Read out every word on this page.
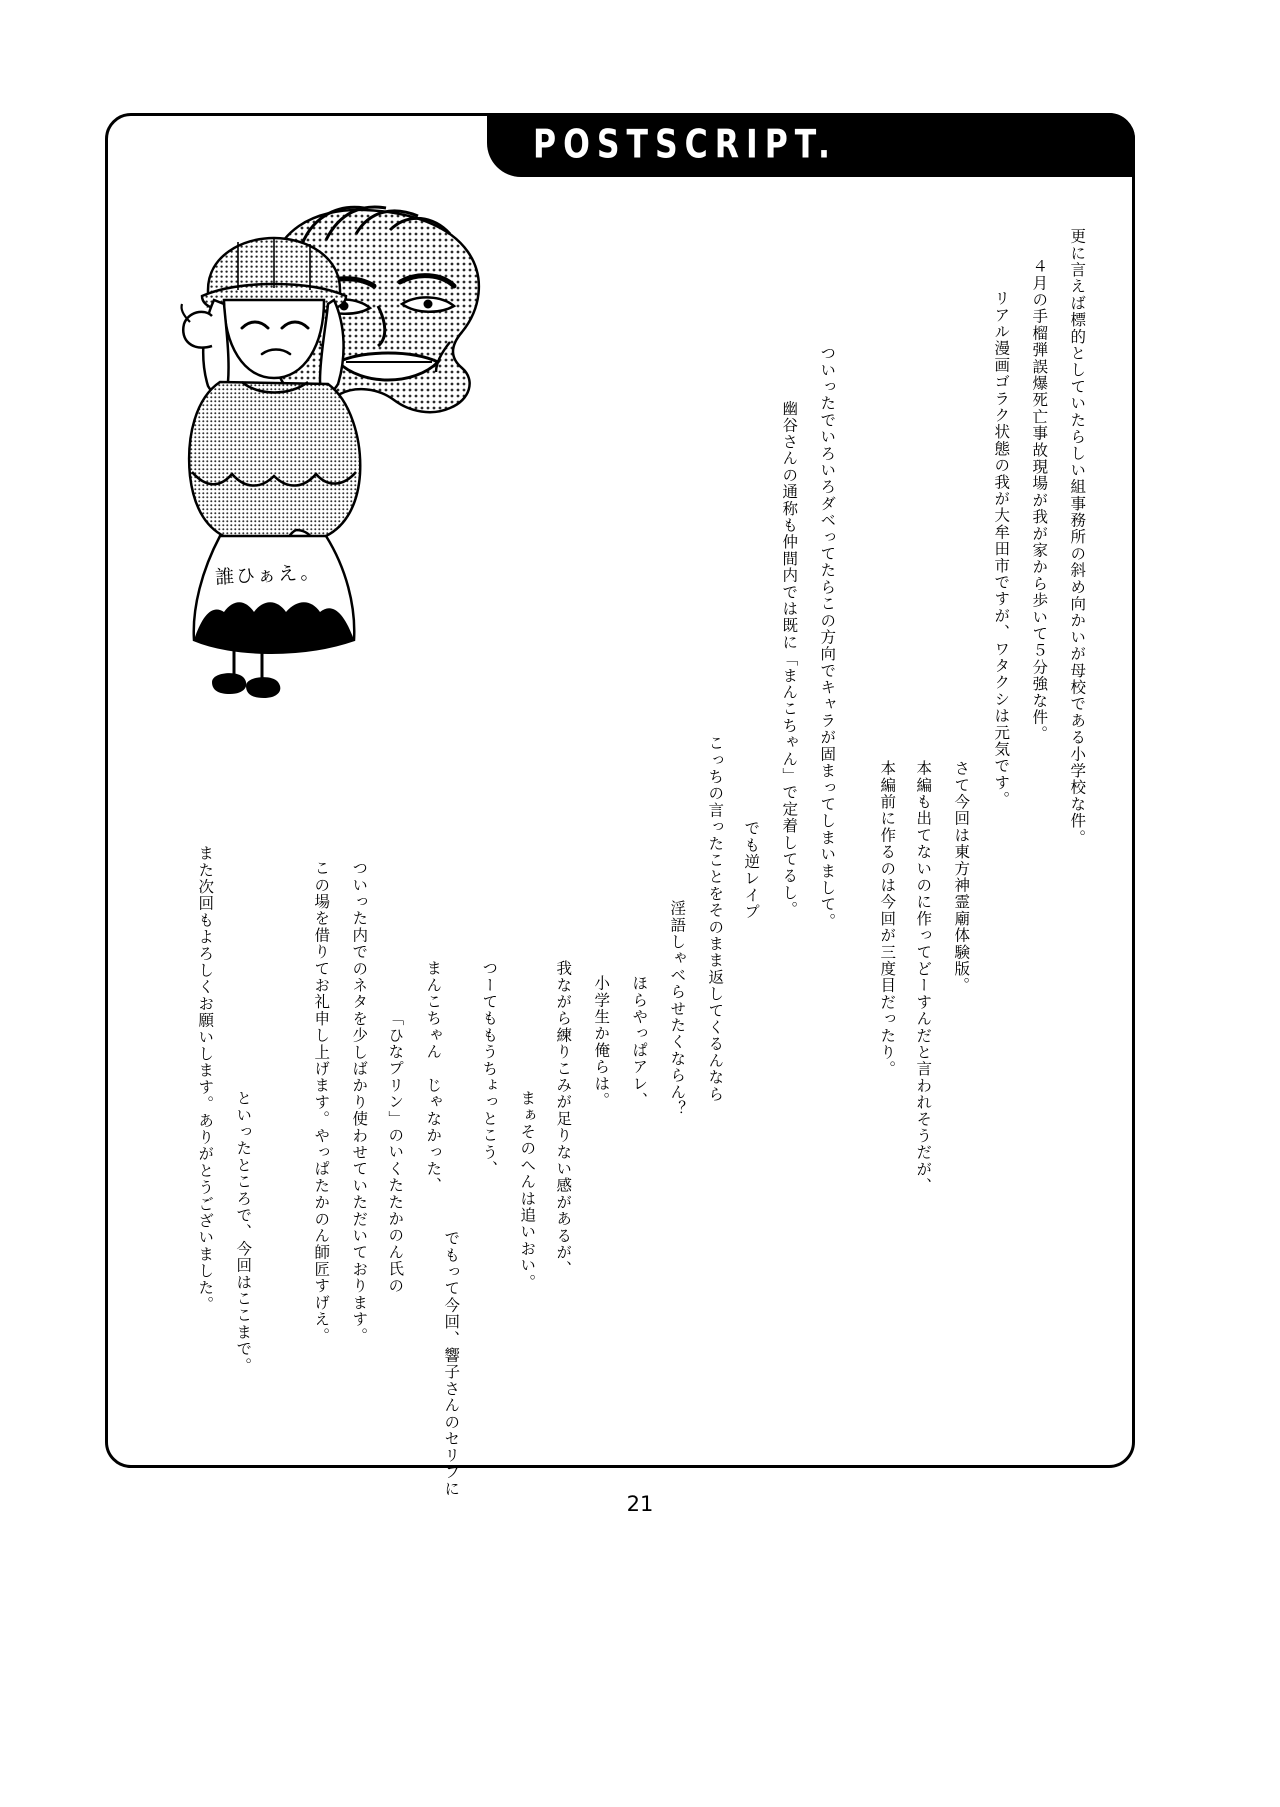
POSTSCRIPT.
誰ひぁえ。	更に言えば標的としていたらしい組事務所の斜め向かいが母校である小学校な件。
４月の手榴弾誤爆死亡事故現場が我が家から歩いて５分強な件。
リアル漫画ゴラク状態の我が大牟田市ですが、ワタクシは元気です。
さて今回は東方神霊廟体験版。
本編も出てないのに作ってどーすんだと言われそうだが、
本編前に作るのは今回が三度目だったり。
ついったでいろいろダベってたらこの方向でキャラが固まってしまいまして。
幽谷さんの通称も仲間内では既に「まんこちゃん」で定着してるし。
でも逆レイプ
こっちの言ったことをそのまま返してくるんなら
淫語しゃべらせたくならん？
ほらやっぱアレ、
小学生か俺らは。
我ながら練りこみが足りない感があるが、
まぁそのへんは追いおい。
つーてももうちょっとこう、
まんこちゃん　じゃなかった、
「ひなプリン」のいくたたかのん氏の
でもって今回、響子さんのセリフに
ついった内でのネタを少しばかり使わせていただいております。
この場を借りてお礼申し上げます。やっぱたかのん師匠すげえ。
また次回もよろしくお願いします。ありがとうございました。	といったところで、今回はここまで。
21
